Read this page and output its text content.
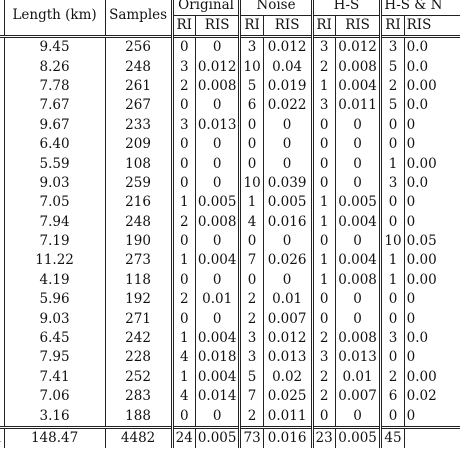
	Length (km)	Samples	Original		Noise		H-S		H-S & N	
			RI	RIS	RI	RIS	RI	RIS	RI	RIS
	9.45	256	0	0	3	0.012	3	0.012	3	0.0
	8.26	248	3	0.012	10	0.04	2	0.008	5	0.0
	7.78	261	2	0.008	5	0.019	1	0.004	2	0.00
	7.67	267	0	0	6	0.022	3	0.011	5	0.0
	9.67	233	3	0.013	0	0	0	0	0	0
	6.40	209	0	0	0	0	0	0	0	0
	5.59	108	0	0	0	0	0	0	1	0.00
	9.03	259	0	0	10	0.039	0	0	3	0.0
	7.05	216	1	0.005	1	0.005	1	0.005	0	0
	7.94	248	2	0.008	4	0.016	1	0.004	0	0
	7.19	190	0	0	0	0	0	0	10	0.05
	11.22	273	1	0.004	7	0.026	1	0.004	1	0.00
	4.19	118	0	0	0	0	1	0.008	1	0.00
	5.96	192	2	0.01	2	0.01	0	0	0	0
	9.03	271	0	0	2	0.007	0	0	0	0
	6.45	242	1	0.004	3	0.012	2	0.008	3	0.0
	7.95	228	4	0.018	3	0.013	3	0.013	0	0
	7.41	252	1	0.004	5	0.02	2	0.01	2	0.00
	7.06	283	4	0.014	7	0.025	2	0.007	6	0.02
	3.16	188	0	0	2	0.011	0	0	0	0
	148.47	4482	24	0.005	73	0.016	23	0.005	45	
